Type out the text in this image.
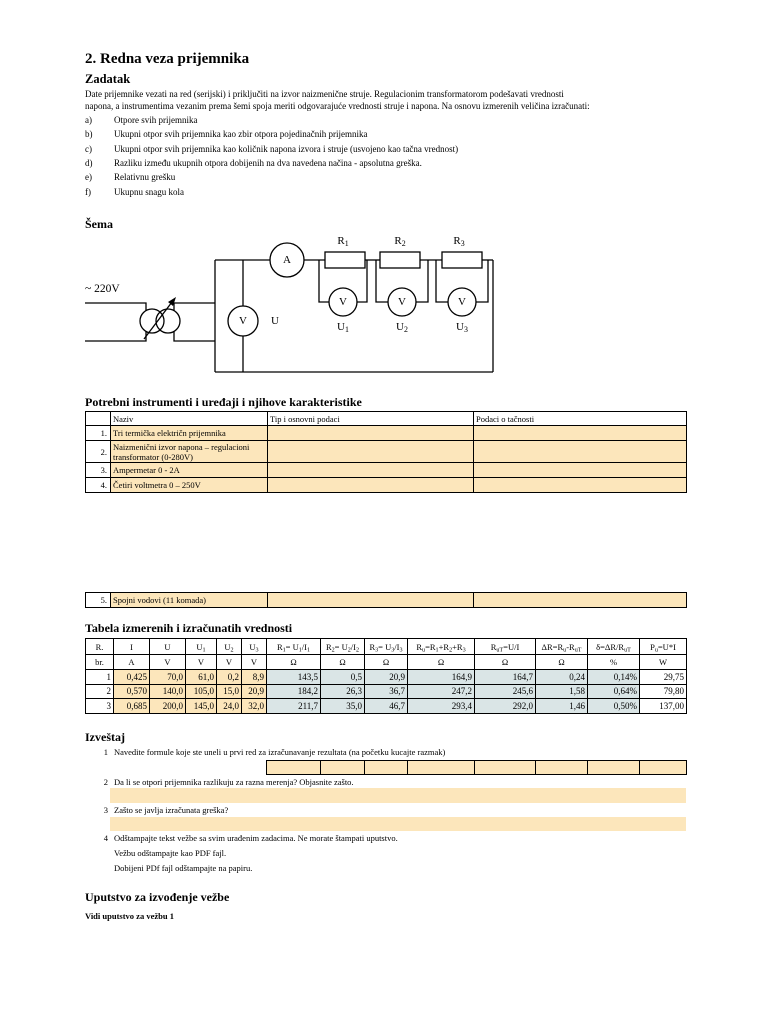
2. Redna veza prijemnika
Zadatak
Date prijemnike vezati na red (serijski) i priključiti na izvor naizmenične struje. Regulacionim transformatorom podešavati vrednosti
napona, a instrumentima vezanim prema šemi spoja meriti odgovarajuće vrednosti struje i napona. Na osnovu izmerenih veličina izračunati:
a) Otpore svih prijemnika
b) Ukupni otpor svih prijemnika kao zbir otpora pojedinačnih prijemnika
c) Ukupni otpor svih prijemnika kao količnik napona izvora i struje (usvojeno kao tačna vrednost)
d) Razliku između ukupnih otpora dobijenih na dva navedena načina - apsolutna greška.
e) Relativnu grešku
f)	Ukupnu snagu kola
Šema
~ 220V
A
V	U
V	V	V
$R_1$	$R_2$	$R_3$
$U_1$	$U_2$	$U_3$
Potrebni instrumenti i uređaji i njihove karakteristike
	Naziv	Tip i osnovni podaci	Podaci o tačnosti
1.	Tri termička električn prijemnika		

2.	Naizmenični izvor napona – regulacioni
transformator (0-280V)		

3.	Ampermetar 0 - 2A		

4.	Četiri voltmetra 0 – 250V		

5.	Spojni vodovi (11 komada)		
Tabela izmerenih i izračunatih vrednosti
R.	I	U	$U_1$	$U_2$	$U_3$	$R_1= U_1/I_1$	$R_2= U_2/I_2$	$R_3= U_3/I_3$	$R_u=R_1+R_2+R_3$	$R_{uT}=U/I$	$\Delta R=R_u-R_{uT}$	$\delta=\Delta R/R_{uT}$	$P_u=U*I$
br.	A	V	V	V	V	Ω	Ω	Ω	Ω	Ω	Ω	%	W
1	0,425	70,0	61,0	0,2	8,9	143,5	0,5	20,9	164,9	164,7	0,24	0,14%	29,75
2	0,570	140,0	105,0	15,0	20,9	184,2	26,3	36,7	247,2	245,6	1,58	0,64%	79,80
3	0,685	200,0	145,0	24,0	32,0	211,7	35,0	46,7	293,4	292,0	1,46	0,50%	137,00
Izveštaj
1 Navedite formule koje ste uneli u prvi red za izračunavanje rezultata (na početku kucajte razmak)

2 Da li se otpori prijemnika razlikuju za razna merenja? Objasnite zašto.
3 Zašto se javlja izračunata greška?
4 Odštampajte tekst vežbe sa svim urađenim zadacima. Ne morate štampati uputstvo.
Vežbu odštampajte kao PDF fajl.
Dobijeni PDf fajl odštampajte na papiru.
Uputstvo za izvođenje vežbe
Vidi uputstvo za vežbu 1
